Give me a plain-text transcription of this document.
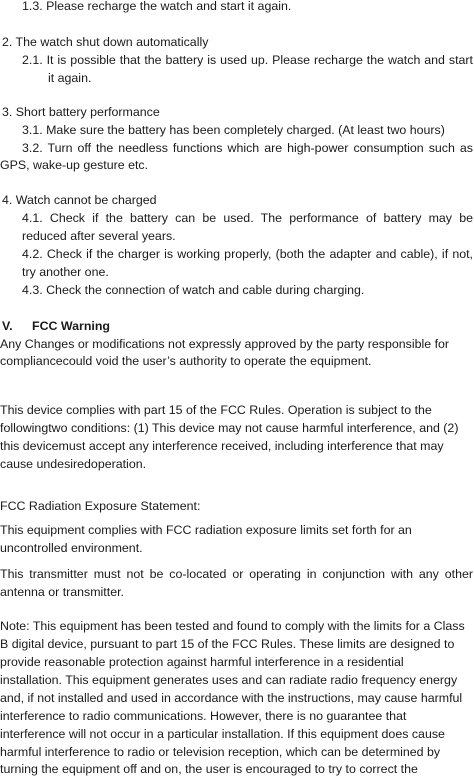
1.3. Please recharge the watch and start it again.
2. The watch shut down automatically
2.1. It is possible that the battery is used up. Please recharge the watch and start
it again.
3. Short battery performance
3.1. Make sure the battery has been completely charged. (At least two hours)
3.2. Turn off the needless functions which are high-power consumption such as
GPS, wake-up gesture etc.
4. Watch cannot be charged
4.1. Check if the battery can be used. The performance of battery may be
reduced after several years.
4.2. Check if the charger is working properly, (both the adapter and cable), if not,
try another one.
4.3. Check the connection of watch and cable during charging.
V. FCC Warning
Any Changes or modifications not expressly approved by the party responsible for
compliancecould void the user’s authority to operate the equipment.
This device complies with part 15 of the FCC Rules. Operation is subject to the
followingtwo conditions: (1) This device may not cause harmful interference, and (2)
this devicemust accept any interference received, including interference that may
cause undesiredoperation.
FCC Radiation Exposure Statement:
This equipment complies with FCC radiation exposure limits set forth for an
uncontrolled environment.
This transmitter must not be co-located or operating in conjunction with any other
antenna or transmitter.
Note: This equipment has been tested and found to comply with the limits for a Class
B digital device, pursuant to part 15 of the FCC Rules. These limits are designed to
provide reasonable protection against harmful interference in a residential
installation. This equipment generates uses and can radiate radio frequency energy
and, if not installed and used in accordance with the instructions, may cause harmful
interference to radio communications. However, there is no guarantee that
interference will not occur in a particular installation. If this equipment does cause
harmful interference to radio or television reception, which can be determined by
turning the equipment off and on, the user is encouraged to try to correct the
